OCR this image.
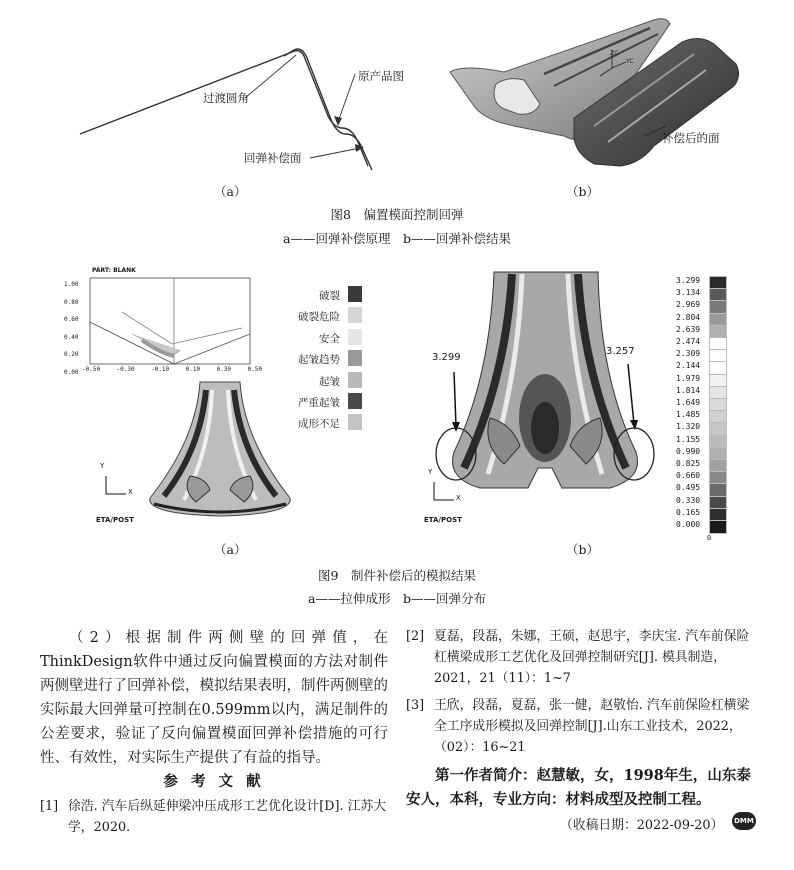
过渡圆角
原产品图
回弹补偿面
（a）
ZC
YC
补偿后的面
（b）
图8　偏置模面控制回弹
a——回弹补偿原理　b——回弹补偿结果
PART: BLANK
1.00
0.80
0.60
0.40
0.20
0.00 -0.50	-0.30	-0.10	0.10	0.30	0.50
Y
X
ETA/POST
破裂
破裂危险
安全
起皱趋势
起皱
严重起皱
成形不足
（a）
3.299
3.257
Y
X
ETA/POST
3.299
3.134
2.969
2.804
2.639
2.474
2.309
2.144
1.979
1.814
1.649
1.485
1.320
1.155
0.990
0.825
0.660
0.495
0.330
0.165
0.000
0
（b）
图9　制件补偿后的模拟结果
a——拉伸成形　b——回弹分布
（2）根据制件两侧壁的回弹值，在ThinkDesign软件中通过反向偏置模面的方法对制件两侧壁进行了回弹补偿，模拟结果表明，制件两侧壁的实际最大回弹量可控制在0.599mm以内，满足制件的公差要求，验证了反向偏置模面回弹补偿措施的可行性、有效性，对实际生产提供了有益的指导。
参 考 文 献
[1] 徐浩. 汽车后纵延伸梁冲压成形工艺优化设计[D]. 江苏大学，2020.
[2] 夏磊，段磊，朱娜，王硕，赵思宇，李庆宝. 汽车前保险杠横梁成形工艺优化及回弹控制研究[J]. 模具制造，2021，21（11）：1~7
[3] 王欣，段磊，夏磊，张一健，赵敬怡. 汽车前保险杠横梁全工序成形模拟及回弹控制[J].山东工业技术，2022，（02）：16~21
第一作者简介：赵慧敏，女，1998年生，山东泰安人，本科，专业方向：材料成型及控制工程。
（收稿日期：2022-09-20）	DMM
